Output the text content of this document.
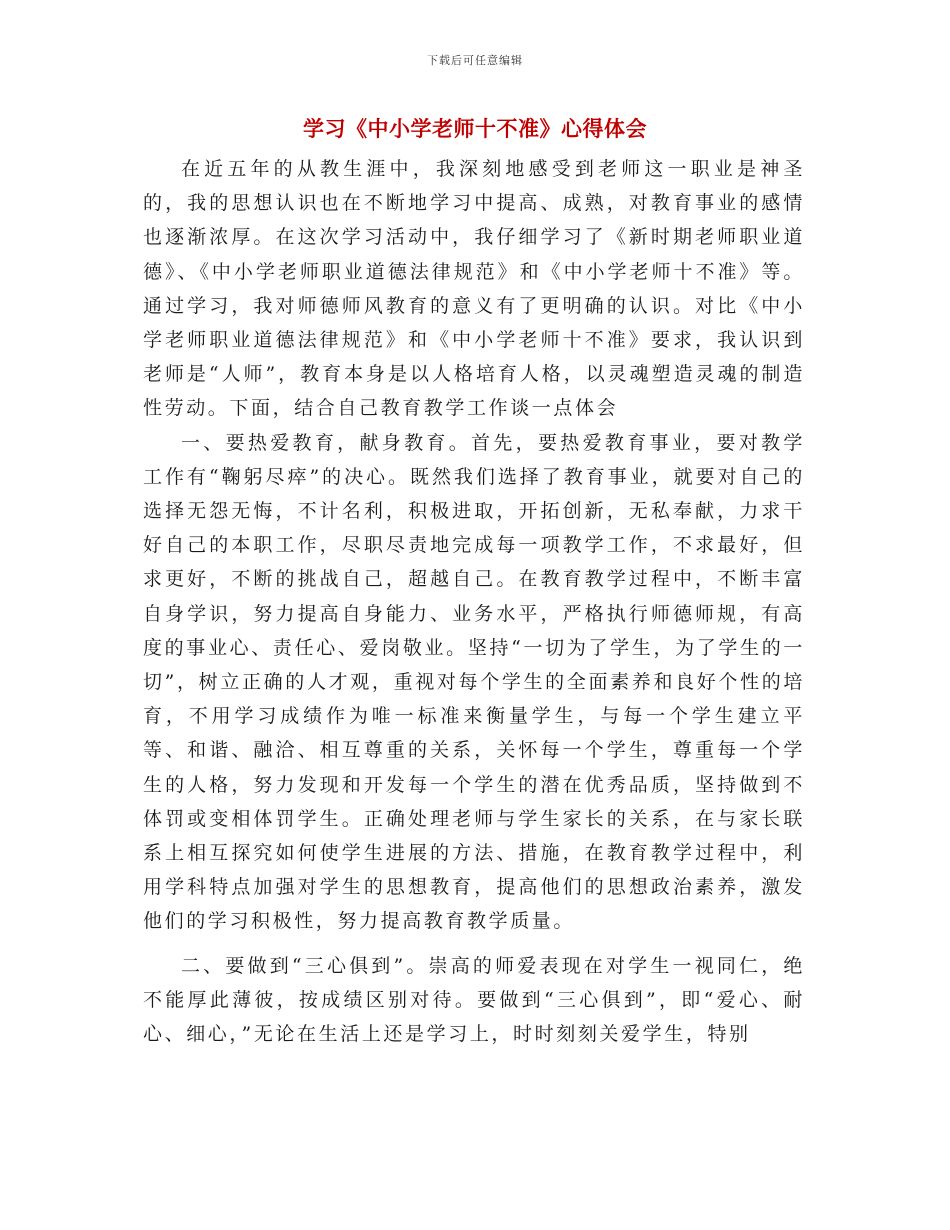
下载后可任意编辑
学习《中小学老师十不准》心得体会

在近五年的从教生涯中，我深刻地感受到老师这一职业是神圣的，我的思想认识也在不断地学习中提高、成熟，对教育事业的感情也逐渐浓厚。在这次学习活动中，我仔细学习了《新时期老师职业道德》、《中小学老师职业道德法律规范》和《中小学老师十不准》等。通过学习，我对师德师风教育的意义有了更明确的认识。对比《中小学老师职业道德法律规范》和《中小学老师十不准》要求，我认识到老师是“人师”，教育本身是以人格培育人格，以灵魂塑造灵魂的制造性劳动。下面，结合自己教育教学工作谈一点体会

一、要热爱教育，献身教育。首先，要热爱教育事业，要对教学工作有“鞠躬尽瘁”的决心。既然我们选择了教育事业，就要对自己的选择无怨无悔，不计名利，积极进取，开拓创新，无私奉献，力求干好自己的本职工作，尽职尽责地完成每一项教学工作，不求最好，但求更好，不断的挑战自己，超越自己。在教育教学过程中，不断丰富自身学识，努力提高自身能力、业务水平，严格执行师德师规，有高度的事业心、责任心、爱岗敬业。坚持“一切为了学生，为了学生的一切”，树立正确的人才观，重视对每个学生的全面素养和良好个性的培育，不用学习成绩作为唯一标准来衡量学生，与每一个学生建立平等、和谐、融洽、相互尊重的关系，关怀每一个学生，尊重每一个学生的人格，努力发现和开发每一个学生的潜在优秀品质，坚持做到不体罚或变相体罚学生。正确处理老师与学生家长的关系，在与家长联系上相互探究如何使学生进展的方法、措施，在教育教学过程中，利用学科特点加强对学生的思想教育，提高他们的思想政治素养，激发他们的学习积极性，努力提高教育教学质量。

二、要做到“三心俱到”。崇高的师爱表现在对学生一视同仁，绝不能厚此薄彼，按成绩区别对待。要做到“三心俱到”，即“爱心、耐心、细心，”无论在生活上还是学习上，时时刻刻关爱学生，特别
